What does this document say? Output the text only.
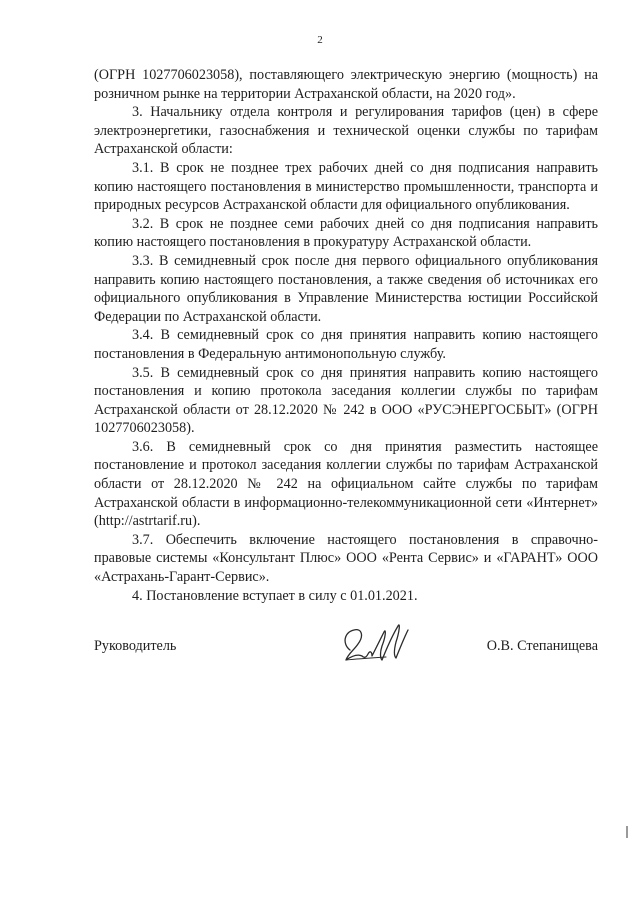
2

(ОГРН 1027706023058), поставляющего электрическую энергию (мощность) на розничном рынке на территории Астраханской области, на 2020 год».

3. Начальнику отдела контроля и регулирования тарифов (цен) в сфере электроэнергетики, газоснабжения и технической оценки службы по тарифам Астраханской области:

3.1. В срок не позднее трех рабочих дней со дня подписания направить копию настоящего постановления в министерство промышленности, транспорта и природных ресурсов Астраханской области для официального опубликования.

3.2. В срок не позднее семи рабочих дней со дня подписания направить копию настоящего постановления в прокуратуру Астраханской области.

3.3. В семидневный срок после дня первого официального опубликования направить копию настоящего постановления, а также сведения об источниках его официального опубликования в Управление Министерства юстиции Российской Федерации по Астраханской области.

3.4. В семидневный срок со дня принятия направить копию настоящего постановления в Федеральную антимонопольную службу.

3.5. В семидневный срок со дня принятия направить копию настоящего постановления и копию протокола заседания коллегии службы по тарифам Астраханской области от 28.12.2020 № 242 в ООО «РУСЭНЕРГОСБЫТ» (ОГРН 1027706023058).

3.6. В семидневный срок со дня принятия разместить настоящее постановление и протокол заседания коллегии службы по тарифам Астраханской области от 28.12.2020 № 242 на официальном сайте службы по тарифам Астраханской области в информационно-телекоммуникационной сети «Интернет» (http://astrtarif.ru).

3.7. Обеспечить включение настоящего постановления в справочно-правовые системы «Консультант Плюс» ООО «Рента Сервис» и «ГАРАНТ» ООО «Астрахань-Гарант-Сервис».

4. Постановление вступает в силу с 01.01.2021.

Руководитель	О.В. Степанищева
